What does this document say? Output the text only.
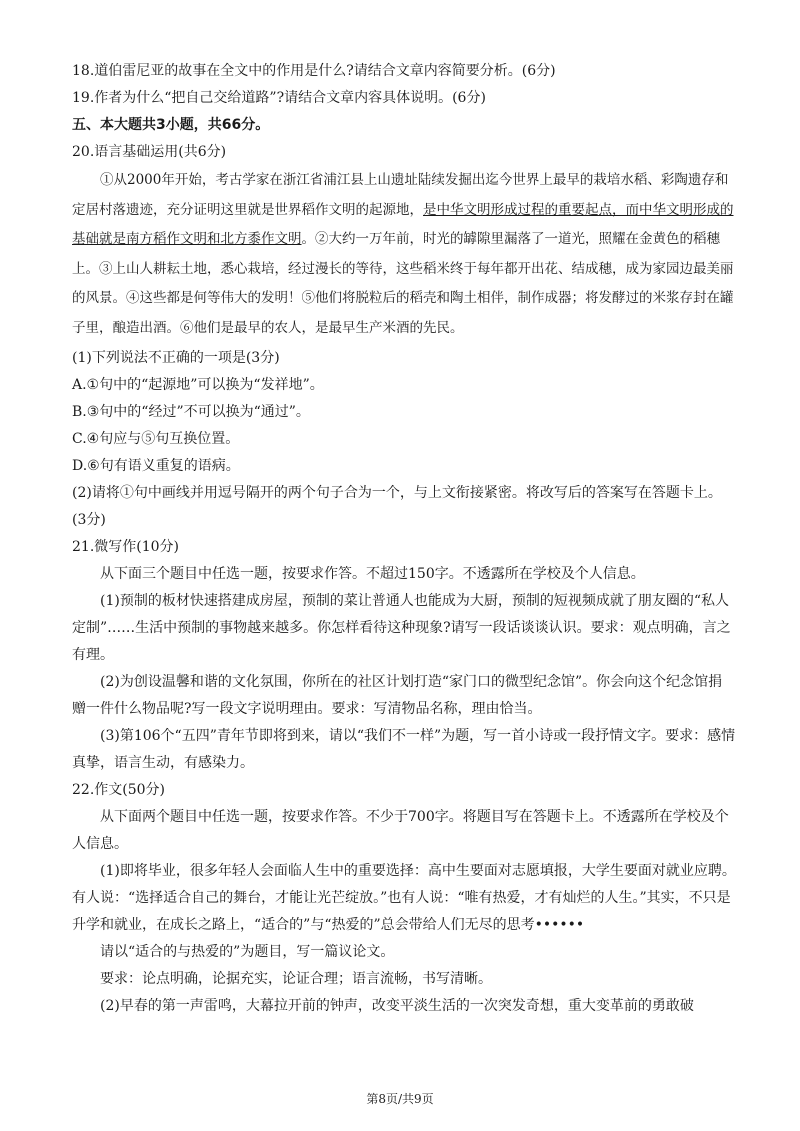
18.道伯雷尼亚的故事在全文中的作用是什么?请结合文章内容简要分析。(6分)

19.作者为什么“把自己交给道路”?请结合文章内容具体说明。(6分)

五、本大题共3小题，共66分。

20.语言基础运用(共6分)

①从2000年开始，考古学家在浙江省浦江县上山遗址陆续发掘出迄今世界上最早的栽培水稻、彩陶遗存和定居村落遗迹，充分证明这里就是世界稻作文明的起源地，是中华文明形成过程的重要起点，而中华文明形成的基础就是南方稻作文明和北方黍作文明。②大约一万年前，时光的罅隙里漏落了一道光，照耀在金黄色的稻穗上。③上山人耕耘土地，悉心栽培，经过漫长的等待，这些稻米终于每年都开出花、结成穗，成为家园边最美丽的风景。④这些都是何等伟大的发明！⑤他们将脱粒后的稻壳和陶土相伴，制作成器；将发酵过的米浆存封在罐子里，酿造出酒。⑥他们是最早的农人，是最早生产米酒的先民。

(1)下列说法不正确的一项是(3分)

A.①句中的“起源地”可以换为“发祥地”。

B.③句中的“经过”不可以换为“通过”。

C.④句应与⑤句互换位置。

D.⑥句有语义重复的语病。

(2)请将①句中画线并用逗号隔开的两个句子合为一个，与上文衔接紧密。将改写后的答案写在答题卡上。(3分)

21.微写作(10分)

从下面三个题目中任选一题，按要求作答。不超过150字。不透露所在学校及个人信息。

(1)预制的板材快速搭建成房屋，预制的菜让普通人也能成为大厨，预制的短视频成就了朋友圈的“私人定制”……生活中预制的事物越来越多。你怎样看待这种现象?请写一段话谈谈认识。要求：观点明确，言之有理。

(2)为创设温馨和谐的文化氛围，你所在的社区计划打造“家门口的微型纪念馆”。你会向这个纪念馆捐赠一件什么物品呢?写一段文字说明理由。要求：写清物品名称，理由恰当。

(3)第106个“五四”青年节即将到来，请以“我们不一样”为题，写一首小诗或一段抒情文字。要求：感情真挚，语言生动，有感染力。

22.作文(50分)

从下面两个题目中任选一题，按要求作答。不少于700字。将题目写在答题卡上。不透露所在学校及个人信息。

(1)即将毕业，很多年轻人会面临人生中的重要选择：高中生要面对志愿填报，大学生要面对就业应聘。有人说：“选择适合自己的舞台，才能让光芒绽放。”也有人说：“唯有热爱，才有灿烂的人生。”其实，不只是升学和就业，在成长之路上，“适合的”与“热爱的”总会带给人们无尽的思考••••••

请以“适合的与热爱的”为题目，写一篇议论文。

要求：论点明确，论据充实，论证合理；语言流畅，书写清晰。

(2)早春的第一声雷鸣，大幕拉开前的钟声，改变平淡生活的一次突发奇想，重大变革前的勇敢破

第8页/共9页
